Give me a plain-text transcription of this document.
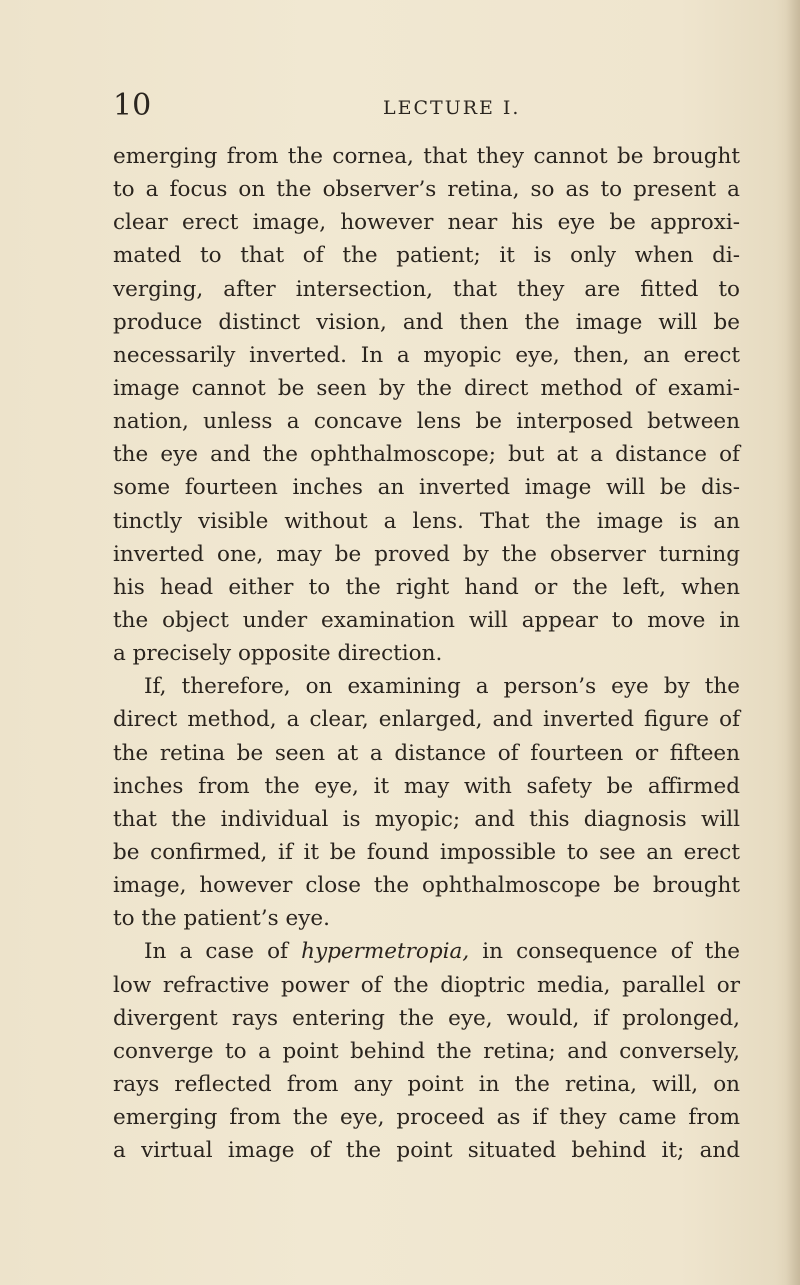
10	LECTURE I.
emerging from the cornea, that they cannot be brought
to a focus on the observer’s retina, so as to present a
clear erect image, however near his eye be approxi-
mated to that of the patient; it is only when di-
verging, after intersection, that they are fitted to
produce distinct vision, and then the image will be
necessarily inverted. In a myopic eye, then, an erect
image cannot be seen by the direct method of exami-
nation, unless a concave lens be interposed between
the eye and the ophthalmoscope; but at a distance of
some fourteen inches an inverted image will be dis-
tinctly visible without a lens. That the image is an
inverted one, may be proved by the observer turning
his head either to the right hand or the left, when
the object under examination will appear to move in
a precisely opposite direction.
If, therefore, on examining a person’s eye by the
direct method, a clear, enlarged, and inverted figure of
the retina be seen at a distance of fourteen or fifteen
inches from the eye, it may with safety be affirmed
that the individual is myopic; and this diagnosis will
be confirmed, if it be found impossible to see an erect
image, however close the ophthalmoscope be brought
to the patient’s eye.
In a case of hypermetropia, in consequence of the
low refractive power of the dioptric media, parallel or
divergent rays entering the eye, would, if prolonged,
converge to a point behind the retina; and conversely,
rays reflected from any point in the retina, will, on
emerging from the eye, proceed as if they came from
a virtual image of the point situated behind it; and
